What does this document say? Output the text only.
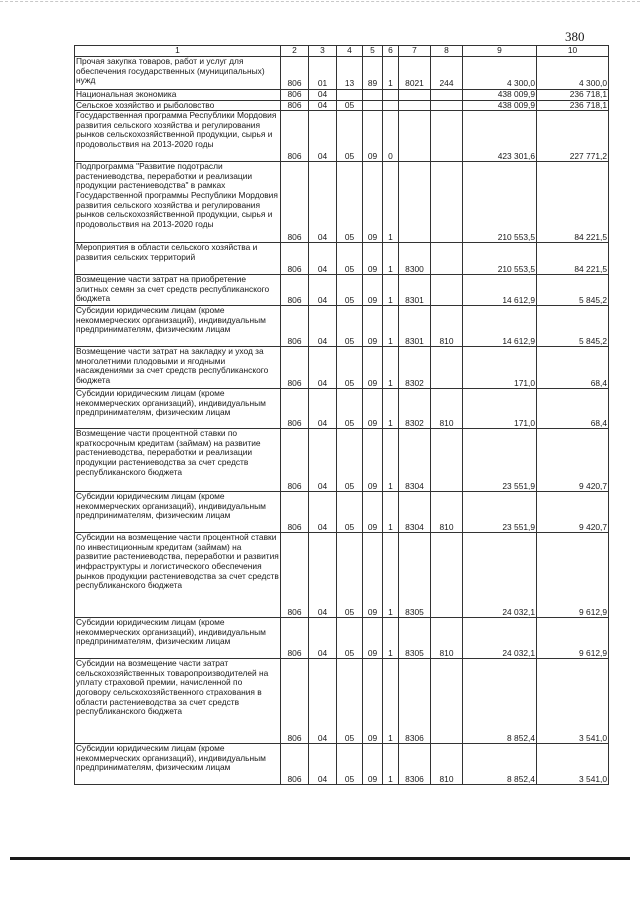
380
1	2	3	4	5	6	7	8	9	10
Прочая закупка товаров, работ и услуг для обеспечения государственных (муниципальных) нужд	806	01	13	89	1	8021	244	4 300,0	4 300,0
Национальная экономика	806	04						438 009,9	236 718,1
Сельское хозяйство и рыболовство	806	04	05					438 009,9	236 718,1
Государственная программа Республики Мордовия развития сельского хозяйства и регулирования рынков сельскохозяйственной продукции, сырья и продовольствия на 2013-2020 годы	806	04	05	09	0			423 301,6	227 771,2
Подпрограмма "Развитие подотрасли растениеводства, переработки и реализации продукции растениеводства" в рамках Государственной программы Республики Мордовия развития сельского хозяйства и регулирования рынков сельскохозяйственной продукции, сырья и продовольствия на 2013-2020 годы	806	04	05	09	1			210 553,5	84 221,5
Мероприятия в области сельского хозяйства и развития сельских территорий	806	04	05	09	1	8300		210 553,5	84 221,5
Возмещение части затрат на приобретение элитных семян за счет средств республиканского бюджета	806	04	05	09	1	8301		14 612,9	5 845,2
Субсидии юридическим лицам (кроме некоммерческих организаций), индивидуальным предпринимателям, физическим лицам	806	04	05	09	1	8301	810	14 612,9	5 845,2
Возмещение части затрат на закладку и уход за многолетними плодовыми и ягодными насаждениями за счет средств республиканского бюджета	806	04	05	09	1	8302		171,0	68,4
Субсидии юридическим лицам (кроме некоммерческих организаций), индивидуальным предпринимателям, физическим лицам	806	04	05	09	1	8302	810	171,0	68,4
Возмещение части процентной ставки по краткосрочным кредитам (займам) на развитие растениеводства, переработки и реализации продукции растениеводства за счет средств республиканского бюджета	806	04	05	09	1	8304		23 551,9	9 420,7
Субсидии юридическим лицам (кроме некоммерческих организаций), индивидуальным предпринимателям, физическим лицам	806	04	05	09	1	8304	810	23 551,9	9 420,7
Субсидии на возмещение части процентной ставки по инвестиционным кредитам (займам) на развитие растениеводства, переработки и развития инфраструктуры и логистического обеспечения рынков продукции растениеводства за счет средств республиканского бюджета	806	04	05	09	1	8305		24 032,1	9 612,9
Субсидии юридическим лицам (кроме некоммерческих организаций), индивидуальным предпринимателям, физическим лицам	806	04	05	09	1	8305	810	24 032,1	9 612,9
Субсидии на возмещение части затрат сельскохозяйственных товаропроизводителей на уплату страховой премии, начисленной по договору сельскохозяйственного страхования в области растениеводства за счет средств республиканского бюджета	806	04	05	09	1	8306		8 852,4	3 541,0
Субсидии юридическим лицам (кроме некоммерческих организаций), индивидуальным предпринимателям, физическим лицам	806	04	05	09	1	8306	810	8 852,4	3 541,0
